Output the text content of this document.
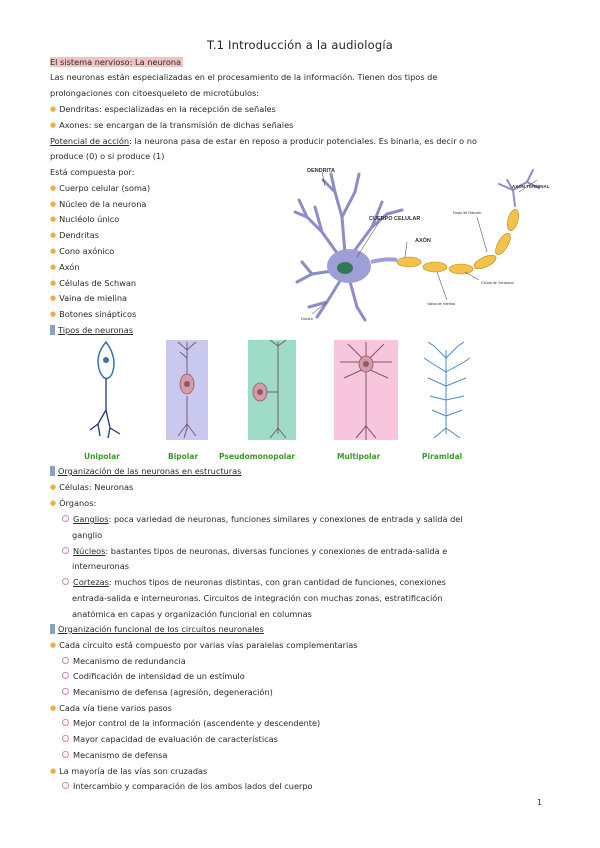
T.1 Introducción a la audiología
El sistema nervioso: La neurona
Las neuronas están especializadas en el procesamiento de la información. Tienen dos tipos de
prolongaciones con citoesqueleto de microtúbulos:
● Dendritas: especializadas en la recepción de señales
● Axones: se encargan de la transmisión de dichas señales
Potencial de acción: la neurona pasa de estar en reposo a producir potenciales. Es binaria, es decir o no
produce (0) o si produce (1)
Está compuesta por:
● Cuerpo celular (soma)
● Núcleo de la neurona
● Nucléolo único
● Dendritas
● Cono axónico
● Axón
● Células de Schwan
● Vaina de mielina
● Botones sinápticos
DENDRITA
CUERPO CELULAR
AXÓN
AXÓN TERMINAL
Nodo de Ranvier
Célula de Schwann
Vaina de mielina
Núcleo
Tipos de neuronas
Unipolar	Bipolar	Pseudomonopolar	Multipolar	Piramidal
Organización de las neuronas en estructuras
● Células: Neuronas
● Órganos:
Ganglios: poca variedad de neuronas, funciones similares y conexiones de entrada y salida del
ganglio
Núcleos: bastantes tipos de neuronas, diversas funciones y conexiones de entrada-salida e
interneuronas
Cortezas: muchos tipos de neuronas distintas, con gran cantidad de funciones, conexiones
entrada-salida e interneuronas. Circuitos de integración con muchas zonas, estratificación
anatómica en capas y organización funcional en columnas
Organización funcional de los circuitos neuronales
● Cada circuito está compuesto por varias vías paralelas complementarias
Mecanismo de redundancia
Codificación de intensidad de un estímulo
Mecanismo de defensa (agresión, degeneración)
● Cada vía tiene varios pasos
Mejor control de la información (ascendente y descendente)
Mayor capacidad de evaluación de características
Mecanismo de defensa
● La mayoría de las vías son cruzadas
Intercambio y comparación de los ambos lados del cuerpo
1
